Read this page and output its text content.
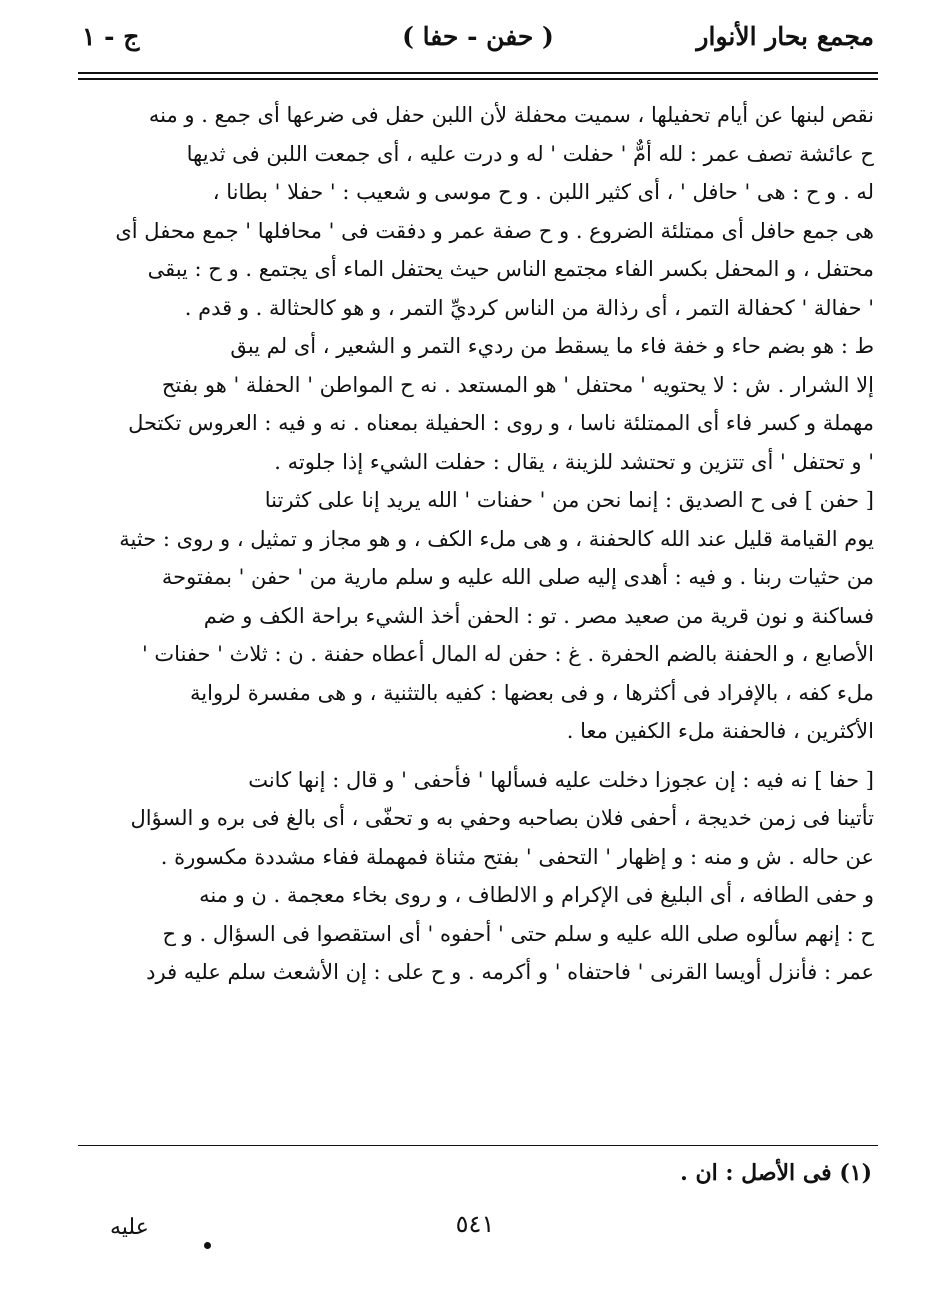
مجمع بحار الأنوار
( حفن - حفا )
ج - ١
نقص لبنها عن أيام تحفيلها ، سميت محفلة لأن اللبن حفل فى ضرعها أى جمع . و منه
ح عائشة تصف عمر : لله أمٌّ ' حفلت ' له و درت عليه ، أى جمعت اللبن فى ثديها
له . و ح : هى ' حافل ' ، أى كثير اللبن . و ح موسى و شعيب : ' حفلا ' بطانا ،
هى جمع حافل أى ممتلئة الضروع . و ح صفة عمر و دفقت فى ' محافلها ' جمع محفل أى
محتفل ، و المحفل بكسر الفاء مجتمع الناس حيث يحتفل الماء أى يجتمع . و ح : يبقى
' حفالة ' كحفالة التمر ، أى رذالة من الناس كرديِّ التمر ، و هو كالحثالة . و قدم .
ط : هو بضم حاء و خفة فاء ما يسقط من رديء التمر و الشعير ، أى لم يبق
إلا الشرار . ش : لا يحتويه ' محتفل ' هو المستعد . نه ح المواطن ' الحفلة ' هو بفتح
مهملة و كسر فاء أى الممتلئة ناسا ، و روى : الحفيلة بمعناه . نه و فيه : العروس تكتحل
' و تحتفل ' أى تتزين و تحتشد للزينة ، يقال : حفلت الشيء إذا جلوته .
[ حفن ] فى ح الصديق : إنما نحن من ' حفنات ' الله يريد إنا على كثرتنا
يوم القيامة قليل عند الله كالحفنة ، و هى ملء الكف ، و هو مجاز و تمثيل ، و روى : حثية
من حثيات ربنا . و فيه : أهدى إليه صلى الله عليه و سلم مارية من ' حفن ' بمفتوحة
فساكنة و نون قرية من صعيد مصر . تو : الحفن أخذ الشيء براحة الكف و ضم
الأصابع ، و الحفنة بالضم الحفرة . غ : حفن له المال أعطاه حفنة . ن : ثلاث ' حفنات '
ملء كفه ، بالإفراد فى أكثرها ، و فى بعضها : كفيه بالتثنية ، و هى مفسرة لرواية
الأكثرين ، فالحفنة ملء الكفين معا .
[ حفا ] نه فيه : إن عجوزا دخلت عليه فسألها ' فأحفى ' و قال : إنها كانت
تأتينا فى زمن خديجة ، أحفى فلان بصاحبه وحفي به و تحفّى ، أى بالغ فى بره و السؤال
عن حاله . ش و منه : و إظهار ' التحفى ' بفتح مثناة فمهملة ففاء مشددة مكسورة .
و حفى الطافه ، أى البليغ فى الإكرام و الالطاف ، و روى بخاء معجمة . ن و منه
ح : إنهم سألوه صلى الله عليه و سلم حتى ' أحفوه ' أى استقصوا فى السؤال . و ح
عمر : فأنزل أويسا القرنى ' فاحتفاه ' و أكرمه . و ح على : إن الأشعث سلم عليه فرد
(١) فى الأصل : ان .
٥٤١
عليه
